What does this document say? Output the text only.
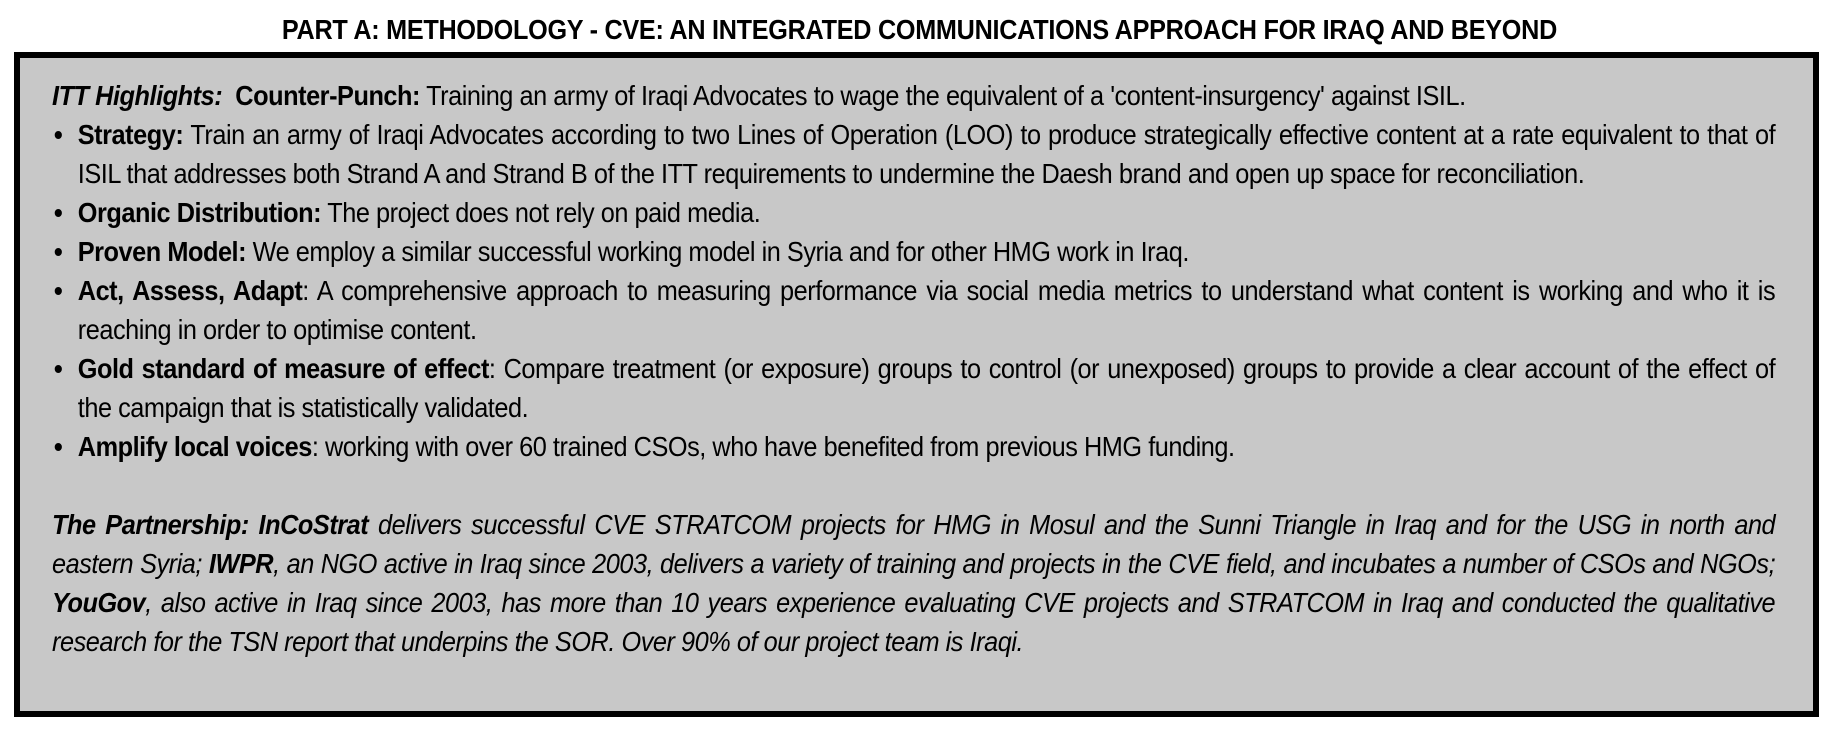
PART A: METHODOLOGY - CVE: AN INTEGRATED COMMUNICATIONS APPROACH FOR IRAQ AND BEYOND

ITT Highlights: Counter-Punch: Training an army of Iraqi Advocates to wage the equivalent of a 'content-insurgency' against ISIL.

• Strategy: Train an army of Iraqi Advocates according to two Lines of Operation (LOO) to produce strategically effective content at a rate equivalent to that of ISIL that addresses both Strand A and Strand B of the ITT requirements to undermine the Daesh brand and open up space for reconciliation.
• Organic Distribution: The project does not rely on paid media.
• Proven Model: We employ a similar successful working model in Syria and for other HMG work in Iraq.
• Act, Assess, Adapt: A comprehensive approach to measuring performance via social media metrics to understand what content is working and who it is reaching in order to optimise content.
• Gold standard of measure of effect: Compare treatment (or exposure) groups to control (or unexposed) groups to provide a clear account of the effect of the campaign that is statistically validated.
• Amplify local voices: working with over 60 trained CSOs, who have benefited from previous HMG funding.

The Partnership: InCoStrat delivers successful CVE STRATCOM projects for HMG in Mosul and the Sunni Triangle in Iraq and for the USG in north and eastern Syria; IWPR, an NGO active in Iraq since 2003, delivers a variety of training and projects in the CVE field, and incubates a number of CSOs and NGOs; YouGov, also active in Iraq since 2003, has more than 10 years experience evaluating CVE projects and STRATCOM in Iraq and conducted the qualitative research for the TSN report that underpins the SOR. Over 90% of our project team is Iraqi.
